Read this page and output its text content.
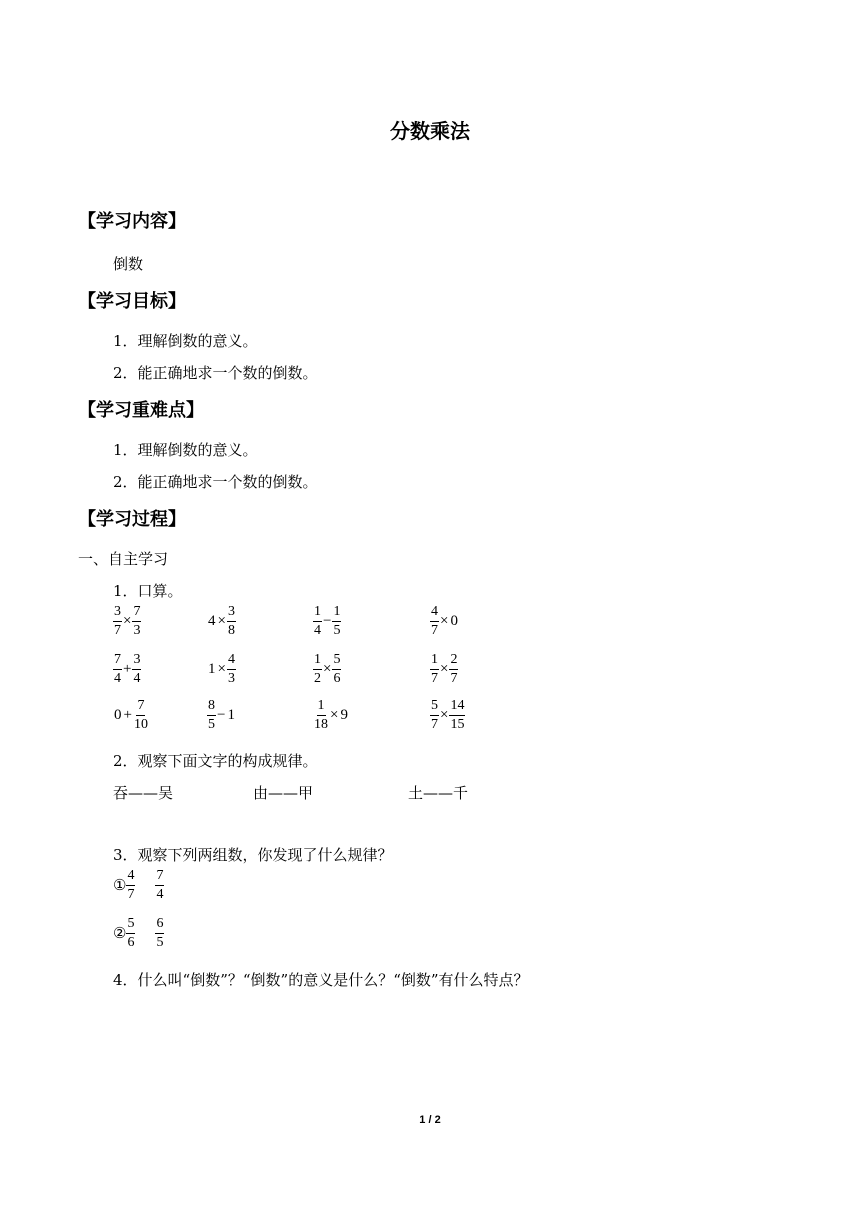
分数乘法
【学习内容】
倒数
【学习目标】
1．理解倒数的意义。
2．能正确地求一个数的倒数。
【学习重难点】
1．理解倒数的意义。
2．能正确地求一个数的倒数。
【学习过程】
一、自主学习
1．口算。
$\frac{3}{7} \times \frac{7}{3}$	$4 \times \frac{3}{8}$	$\frac{1}{4} - \frac{1}{5}$	$\frac{4}{7} \times 0$
$\frac{7}{4} + \frac{3}{4}$	$1 \times \frac{4}{3}$	$\frac{1}{2} \times \frac{5}{6}$	$\frac{1}{7} \times \frac{2}{7}$
$0 + \frac{7}{10}$	$\frac{8}{5} - 1$	$\frac{1}{18} \times 9$	$\frac{5}{7} \times \frac{14}{15}$
2．观察下面文字的构成规律。
吞——吴	由——甲	土——千
3．观察下列两组数，你发现了什么规律？
① $\frac{4}{7} \frac{7}{4}$
② $\frac{5}{6} \frac{6}{5}$
4．什么叫“倒数”？“倒数”的意义是什么？“倒数”有什么特点？
1 / 2
